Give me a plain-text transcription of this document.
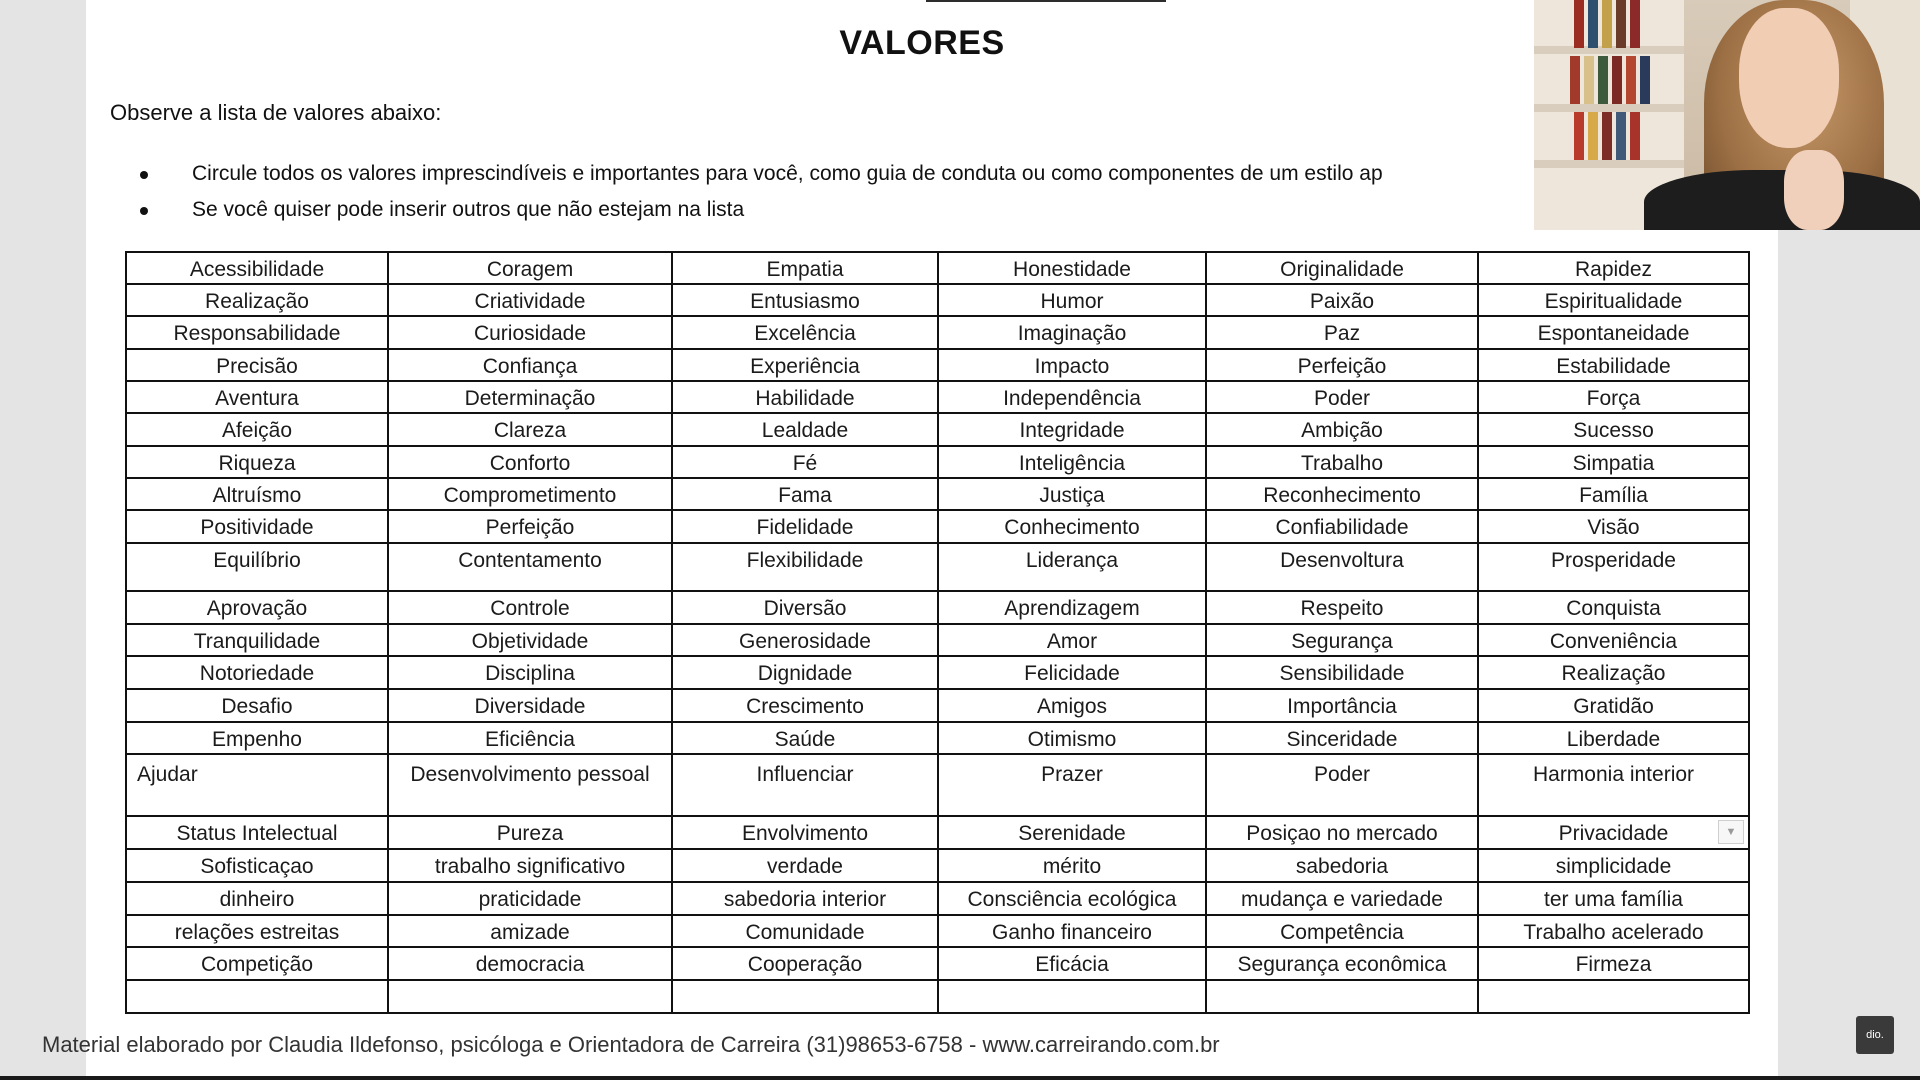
VALORES
Observe a lista de valores abaixo:
Circule todos os valores imprescindíveis e importantes para você, como guia de conduta ou como componentes de um estilo ap
Se você quiser pode inserir outros que não estejam na lista
Acessibilidade	Coragem	Empatia	Honestidade	Originalidade	Rapidez
Realização	Criatividade	Entusiasmo	Humor	Paixão	Espiritualidade
Responsabilidade	Curiosidade	Excelência	Imaginação	Paz	Espontaneidade
Precisão	Confiança	Experiência	Impacto	Perfeição	Estabilidade
Aventura	Determinação	Habilidade	Independência	Poder	Força
Afeição	Clareza	Lealdade	Integridade	Ambição	Sucesso
Riqueza	Conforto	Fé	Inteligência	Trabalho	Simpatia
Altruísmo	Comprometimento	Fama	Justiça	Reconhecimento	Família
Positividade	Perfeição	Fidelidade	Conhecimento	Confiabilidade	Visão
Equilíbrio	Contentamento	Flexibilidade	Liderança	Desenvoltura	Prosperidade
Aprovação	Controle	Diversão	Aprendizagem	Respeito	Conquista
Tranquilidade	Objetividade	Generosidade	Amor	Segurança	Conveniência
Notoriedade	Disciplina	Dignidade	Felicidade	Sensibilidade	Realização
Desafio	Diversidade	Crescimento	Amigos	Importância	Gratidão
Empenho	Eficiência	Saúde	Otimismo	Sinceridade	Liberdade
Ajudar	Desenvolvimento pessoal	Influenciar	Prazer	Poder	Harmonia interior
Status Intelectual	Pureza	Envolvimento	Serenidade	Posiçao no mercado	Privacidade ▼

Sofisticaçao	trabalho significativo	verdade	mérito	sabedoria	simplicidade
dinheiro	praticidade	sabedoria interior	Consciência ecológica	mudança e variedade	ter uma família
relações estreitas	amizade	Comunidade	Ganho financeiro	Competência	Trabalho acelerado
Competição	democracia	Cooperação	Eficácia	Segurança econômica	Firmeza

Material elaborado por Claudia Ildefonso, psicóloga e Orientadora de Carreira (31)98653-6758 - www.carreirando.com.br	dio.
